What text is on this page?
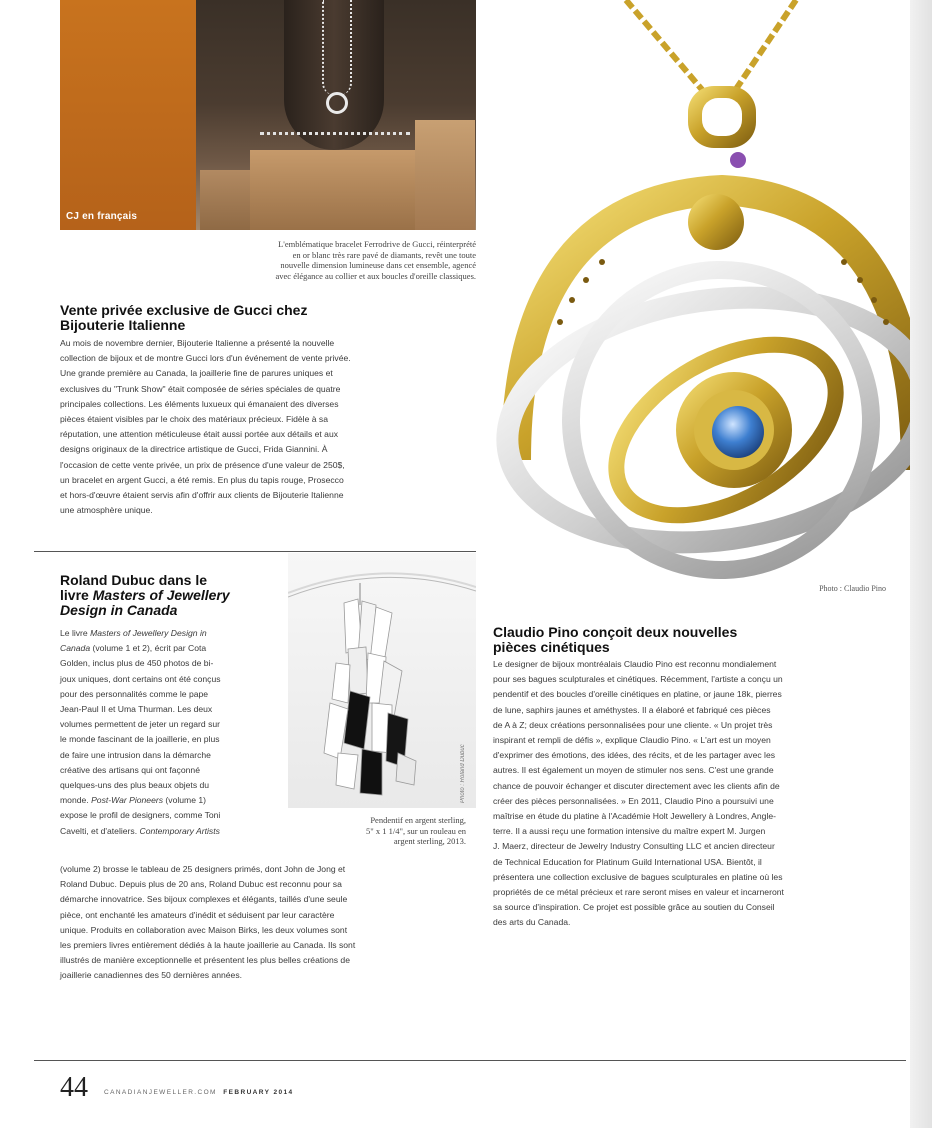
CJ en français
L'emblématique bracelet Ferrodrive de Gucci, réinterprété
en or blanc très rare pavé de diamants, revêt une toute
nouvelle dimension lumineuse dans cet ensemble, agencé
avec élégance au collier et aux boucles d'oreille classiques.
Vente privée exclusive de Gucci chez
Bijouterie Italienne
Au mois de novembre dernier, Bijouterie Italienne a présenté la nouvelle
collection de bijoux et de montre Gucci lors d'un événement de vente privée.
Une grande première au Canada, la joaillerie fine de parures uniques et
exclusives du "Trunk Show" était composée de séries spéciales de quatre
principales collections. Les éléments luxueux qui émanaient des diverses
pièces étaient visibles par le choix des matériaux précieux. Fidèle à sa
réputation, une attention méticuleuse était aussi portée aux détails et aux
designs originaux de la directrice artistique de Gucci, Frida Giannini. À
l'occasion de cette vente privée, un prix de présence d'une valeur de 250$,
un bracelet en argent Gucci, a été remis. En plus du tapis rouge, Prosecco
et hors-d'œuvre étaient servis afin d'offrir aux clients de Bijouterie Italienne
une atmosphère unique.
Roland Dubuc dans le
livre Masters of Jewellery
Design in Canada
Le livre Masters of Jewellery Design in
Canada (volume 1 et 2), écrit par Cota
Golden, inclus plus de 450 photos de bi-
joux uniques, dont certains ont été conçus
pour des personnalités comme le pape
Jean-Paul II et Uma Thurman. Les deux
volumes permettent de jeter un regard sur
le monde fascinant de la joaillerie, en plus
de faire une intrusion dans la démarche
créative des artisans qui ont façonné
quelques-uns des plus beaux objets du
monde. Post-War Pioneers (volume 1)
expose le profil de designers, comme Toni
Cavelti, et d'ateliers. Contemporary Artists
(volume 2) brosse le tableau de 25 designers primés, dont John de Jong et
Roland Dubuc. Depuis plus de 20 ans, Roland Dubuc est reconnu pour sa
démarche innovatrice. Ses bijoux complexes et élégants, taillés d'une seule
pièce, ont enchanté les amateurs d'inédit et séduisent par leur caractère
unique. Produits en collaboration avec Maison Birks, les deux volumes sont
les premiers livres entièrement dédiés à la haute joaillerie au Canada. Ils sont
illustrés de manière exceptionnelle et présentent les plus belles créations de
joaillerie canadiennes des 50 dernières années.
Photo : Roland Dubuc
Pendentif en argent sterling,
5" x 1 1/4", sur un rouleau en
argent sterling, 2013.
Photo : Claudio Pino
Claudio Pino conçoit deux nouvelles
pièces cinétiques
Le designer de bijoux montréalais Claudio Pino est reconnu mondialement
pour ses bagues sculpturales et cinétiques. Récemment, l'artiste a conçu un
pendentif et des boucles d'oreille cinétiques en platine, or jaune 18k, pierres
de lune, saphirs jaunes et améthystes. Il a élaboré et fabriqué ces pièces
de A à Z; deux créations personnalisées pour une cliente. « Un projet très
inspirant et rempli de défis », explique Claudio Pino. « L'art est un moyen
d'exprimer des émotions, des idées, des récits, et de les partager avec les
autres. Il est également un moyen de stimuler nos sens. C'est une grande
chance de pouvoir échanger et discuter directement avec les clients afin de
créer des pièces personnalisées. » En 2011, Claudio Pino a poursuivi une
maîtrise en étude du platine à l'Académie Holt Jewellery à Londres, Angle-
terre. Il a aussi reçu une formation intensive du maître expert M. Jurgen
J. Maerz, directeur de Jewelry Industry Consulting LLC et ancien directeur
de Technical Education for Platinum Guild International USA. Bientôt, il
présentera une collection exclusive de bagues sculpturales en platine où les
propriétés de ce métal précieux et rare seront mises en valeur et incarneront
sa source d'inspiration. Ce projet est possible grâce au soutien du Conseil
des arts du Canada.
44 CANADIANJEWELLER.COM FEBRUARY 2014
